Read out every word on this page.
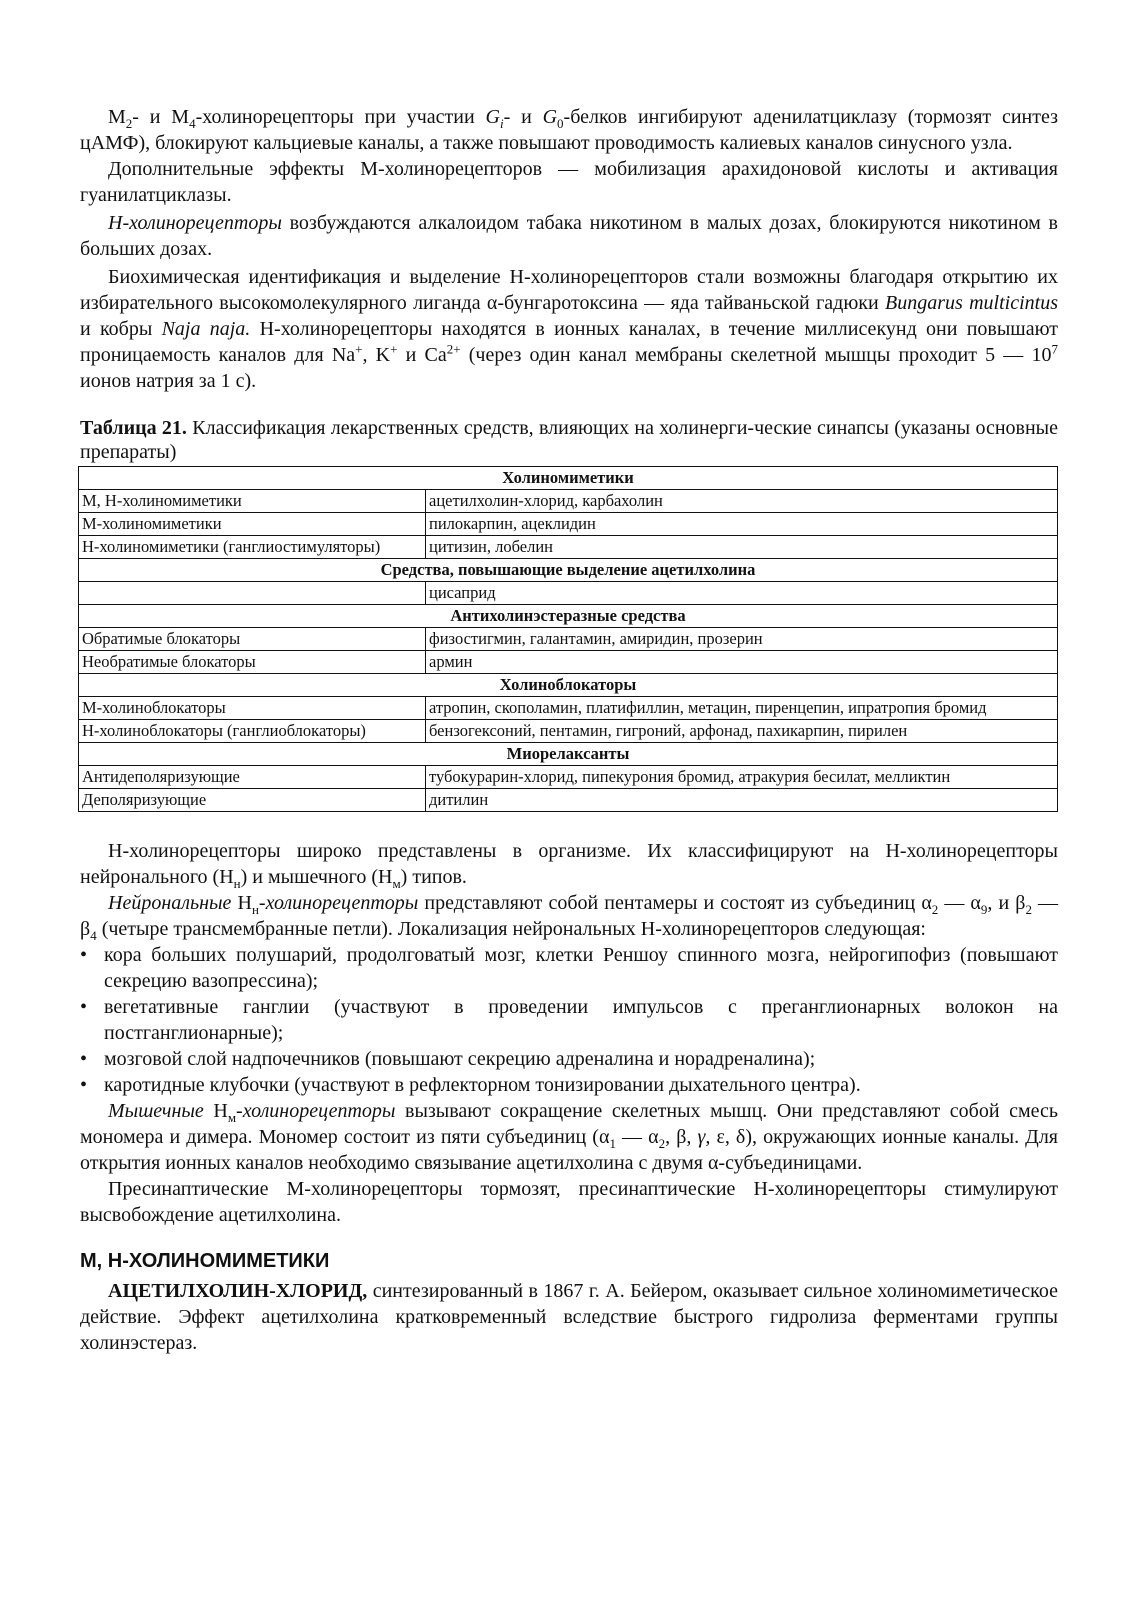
$M_2-$ и $М_4$-холинорецепторы при участии $G_i-$ и $G_0$-белков ингибируют аденилатциклазу (тормозят синтез цАМФ), блокируют кальциевые каналы, а также повышают проводимость калиевых каналов синусного узла.

Дополнительные эффекты М-холинорецепторов — мобилизация арахидоновой кислоты и активация гуанилатциклазы.

Н-холинорецепторы возбуждаются алкалоидом табака никотином в малых дозах, блокируются никотином в больших дозах.

Биохимическая идентификация и выделение Н-холинорецепторов стали возможны благодаря открытию их избирательного высокомолекулярного лиганда α-бунгаротоксина — яда тайваньской гадюки Bungarus multicintus и кобры Naja naja. Н-холинорецепторы находятся в ионных каналах, в течение миллисекунд они повышают проницаемость каналов для Na+, K+ и $Ca^{2+}$ (через один канал мембраны скелетной мышцы проходит 5 — $10^7$ ионов натрия за 1 с).

Таблица 21. Классификация лекарственных средств, влияющих на холинерги-ческие синапсы (указаны основные препараты)

Холиномиметики	
М, Н-холиномиметики	ацетилхолин-хлорид, карбахолин
М-холиномиметики	пилокарпин, ацеклидин
Н-холиномиметики (ганглиостимуляторы)	цитизин, лобелин
Средства, повышающие выделение ацетилхолина	
	цисаприд
Антихолинэстеразные средства	
Обратимые блокаторы	физостигмин, галантамин, амиридин, прозерин
Необратимые блокаторы	армин
Холиноблокаторы	
М-холиноблокаторы	атропин, скополамин, платифиллин, метацин, пиренцепин, ипратропия бромид
Н-холиноблокаторы (ганглиоблокаторы)	бензогексоний, пентамин, гигроний, арфонад, пахикарпин, пирилен
Миорелаксанты	
Антидеполяризующие	тубокурарин-хлорид, пипекурония бромид, атракурия бесилат, мелликтин
Деполяризующие	дитилин

Н-холинорецепторы широко представлены в организме. Их классифицируют на Н-холинорецепторы нейронального $(Н_н)$ и мышечного $(Н_м)$ типов.

Нейрональные $Н_н$-холинорецепторы представляют собой пентамеры и состоят из субъединиц $\alpha_2$ — $\alpha_9$, и $\beta_2$ — $\beta_4$ (четыре трансмембранные петли). Локализация нейрональных Н-холинорецепторов следующая:

• кора больших полушарий, продолговатый мозг, клетки Реншоу спинного мозга, нейрогипофиз (повышают секрецию вазопрессина);
• вегетативные ганглии (участвуют в проведении импульсов с преганглионарных волокон на постганглионарные);
• мозговой слой надпочечников (повышают секрецию адреналина и норадреналина);
• каротидные клубочки (участвуют в рефлекторном тонизировании дыхательного центра).

Мышечные $Н_м$-холинорецепторы вызывают сокращение скелетных мышц. Они представляют собой смесь мономера и димера. Мономер состоит из пяти субъединиц ($\alpha_1$ — $\alpha_2$, β, γ, ε, δ), окружающих ионные каналы. Для открытия ионных каналов необходимо связывание ацетилхолина с двумя α-субъединицами.

Пресинаптические М-холинорецепторы тормозят, пресинаптические Н-холинорецепторы стимулируют высвобождение ацетилхолина.

М, Н-ХОЛИНОМИМЕТИКИ

АЦЕТИЛХОЛИН-ХЛОРИД, синтезированный в 1867 г. А. Бейером, оказывает сильное холиномиметическое действие. Эффект ацетилхолина кратковременный вследствие быстрого гидролиза ферментами группы холинэстераз.
